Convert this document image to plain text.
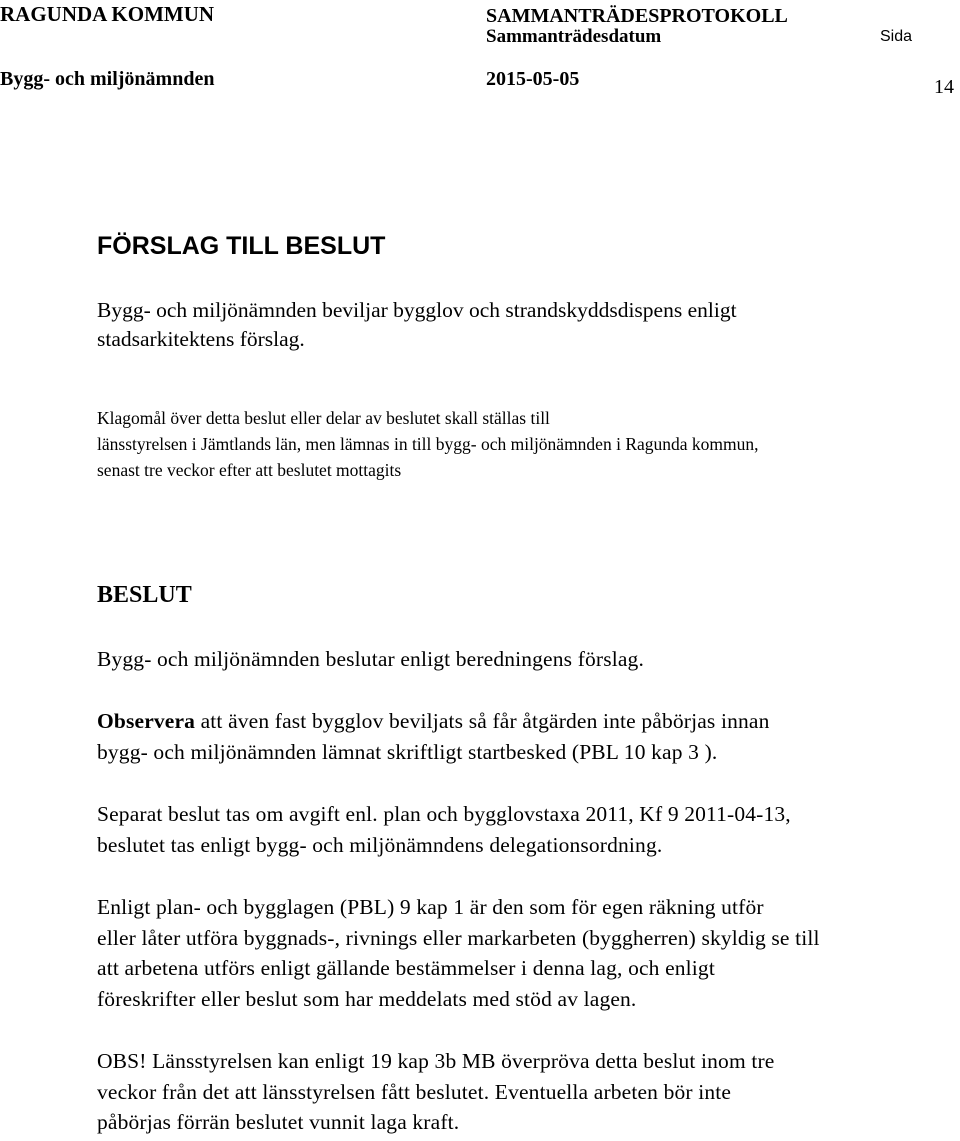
RAGUNDA KOMMUN
Bygg- och miljönämnden
SAMMANTRÄDESPROTOKOLL
Sammanträdesdatum
2015-05-05
Sida
14
FÖRSLAG TILL BESLUT
Bygg- och miljönämnden beviljar bygglov och strandskyddsdispens enligt
stadsarkitektens förslag.
Klagomål över detta beslut eller delar av beslutet skall ställas till
länsstyrelsen i Jämtlands län, men lämnas in till bygg- och miljönämnden i Ragunda kommun,
senast tre veckor efter att beslutet mottagits
BESLUT
Bygg- och miljönämnden beslutar enligt beredningens förslag.
Observera att även fast bygglov beviljats så får åtgärden inte påbörjas innan
bygg- och miljönämnden lämnat skriftligt startbesked (PBL 10 kap 3 ).
Separat beslut tas om avgift enl. plan och bygglovstaxa 2011, Kf 9 2011-04-13,
beslutet tas enligt bygg- och miljönämndens delegationsordning.
Enligt plan- och bygglagen (PBL) 9 kap 1 är den som för egen räkning utför
eller låter utföra byggnads-, rivnings eller markarbeten (byggherren) skyldig se till
att arbetena utförs enligt gällande bestämmelser i denna lag, och enligt
föreskrifter eller beslut som har meddelats med stöd av lagen.
OBS! Länsstyrelsen kan enligt 19 kap 3b MB överpröva detta beslut inom tre
veckor från det att länsstyrelsen fått beslutet. Eventuella arbeten bör inte
påbörjas förrän beslutet vunnit laga kraft.
